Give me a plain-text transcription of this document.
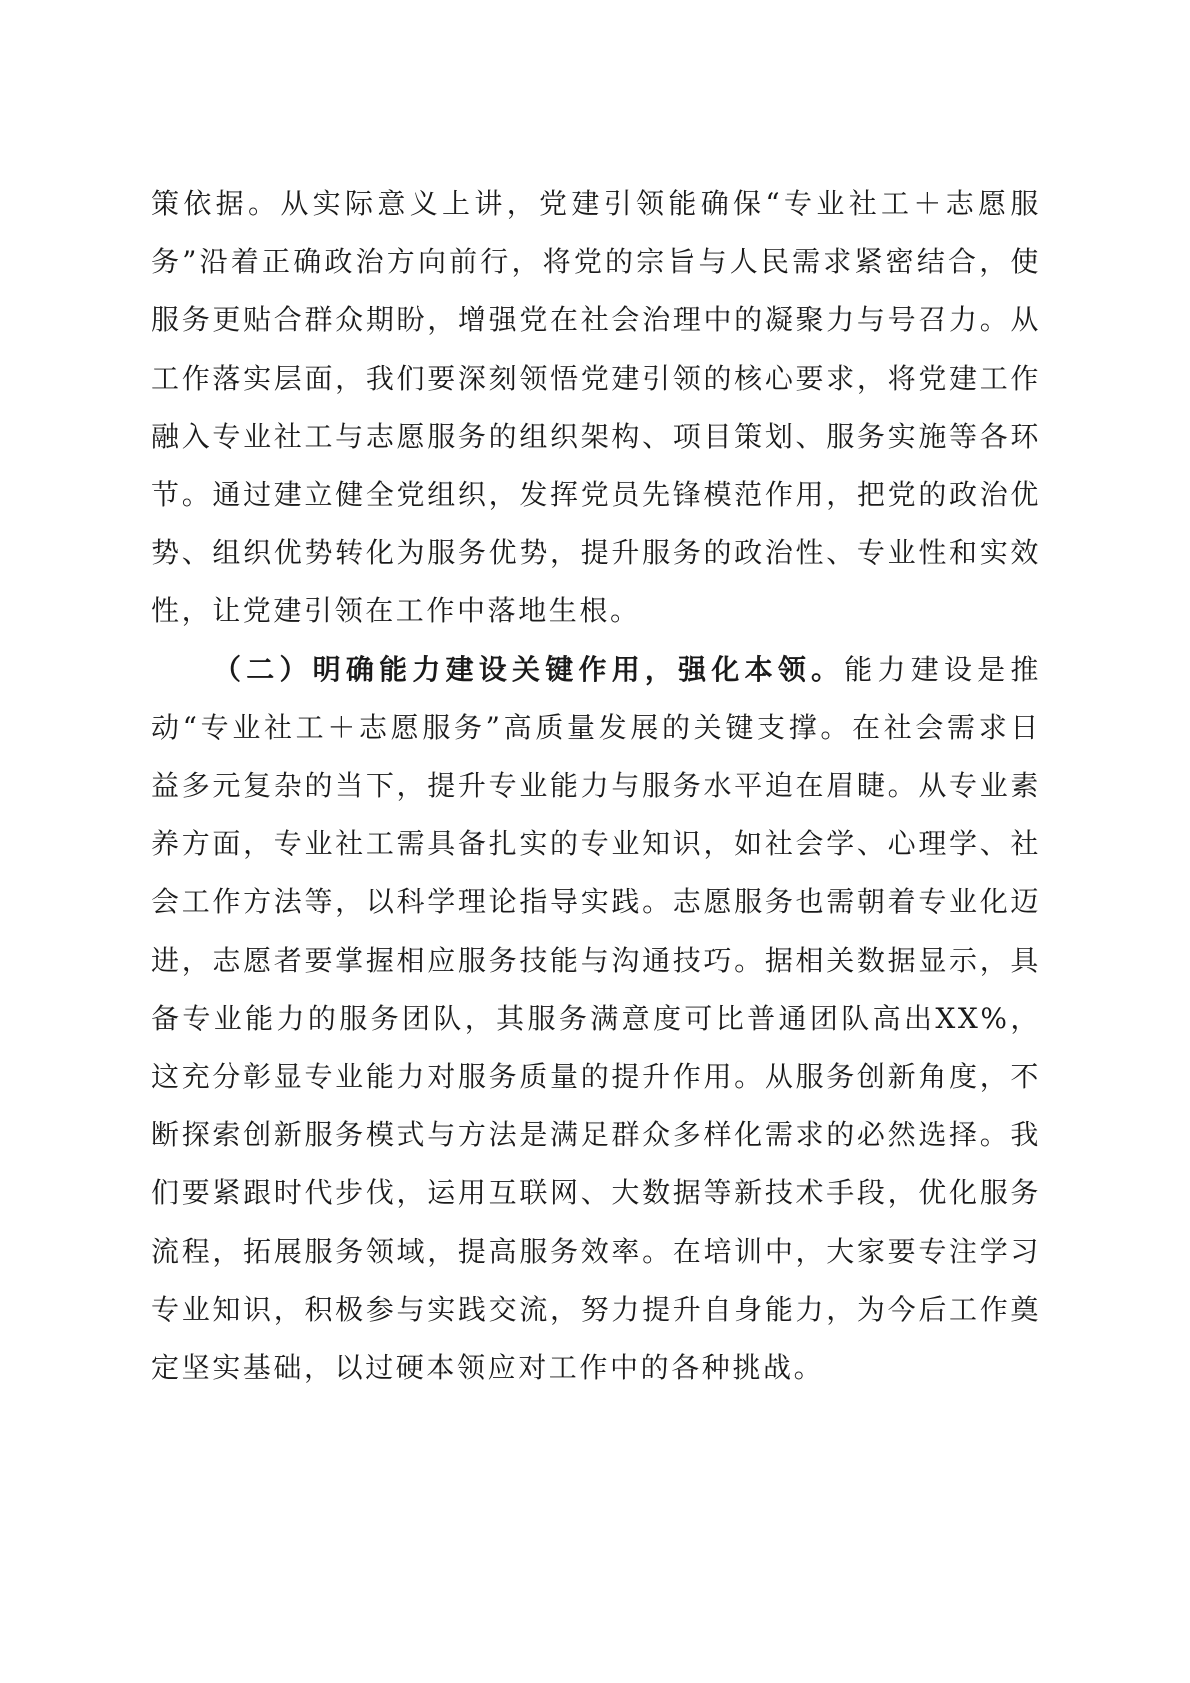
策依据。从实际意义上讲，党建引领能确保“专业社工＋志愿服务”沿着正确政治方向前行，将党的宗旨与人民需求紧密结合，使服务更贴合群众期盼，增强党在社会治理中的凝聚力与号召力。从工作落实层面，我们要深刻领悟党建引领的核心要求，将党建工作融入专业社工与志愿服务的组织架构、项目策划、服务实施等各环节。通过建立健全党组织，发挥党员先锋模范作用，把党的政治优势、组织优势转化为服务优势，提升服务的政治性、专业性和实效性，让党建引领在工作中落地生根。

（二）明确能力建设关键作用，强化本领。能力建设是推动“专业社工＋志愿服务”高质量发展的关键支撑。在社会需求日益多元复杂的当下，提升专业能力与服务水平迫在眉睫。从专业素养方面，专业社工需具备扎实的专业知识，如社会学、心理学、社会工作方法等，以科学理论指导实践。志愿服务也需朝着专业化迈进，志愿者要掌握相应服务技能与沟通技巧。据相关数据显示，具备专业能力的服务团队，其服务满意度可比普通团队高出XX%，这充分彰显专业能力对服务质量的提升作用。从服务创新角度，不断探索创新服务模式与方法是满足群众多样化需求的必然选择。我们要紧跟时代步伐，运用互联网、大数据等新技术手段，优化服务流程，拓展服务领域，提高服务效率。在培训中，大家要专注学习专业知识，积极参与实践交流，努力提升自身能力，为今后工作奠定坚实基础，以过硬本领应对工作中的各种挑战。
